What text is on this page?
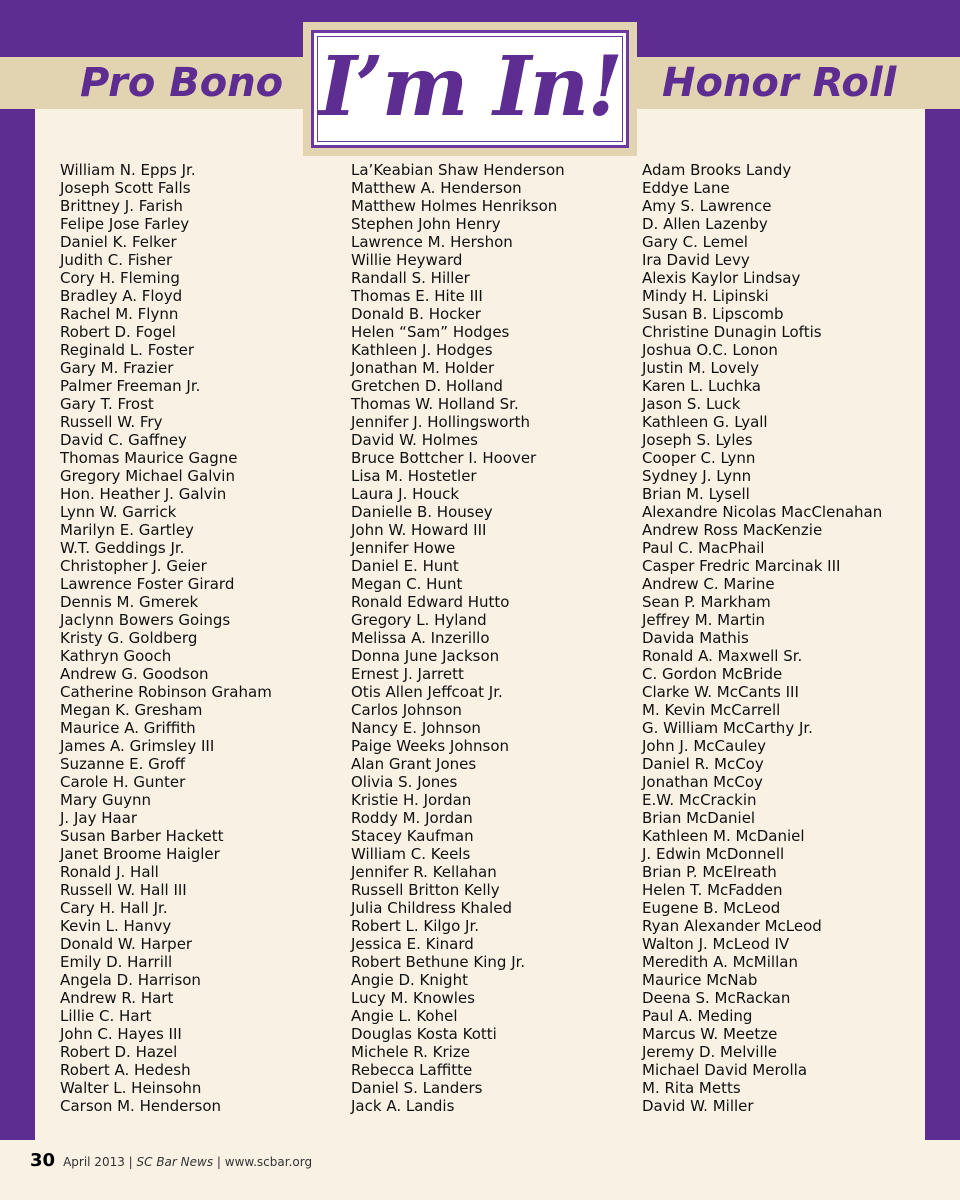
Pro Bono	Honor Roll
I’m In!
William N. Epps Jr.
Joseph Scott Falls
Brittney J. Farish
Felipe Jose Farley
Daniel K. Felker
Judith C. Fisher
Cory H. Fleming
Bradley A. Floyd
Rachel M. Flynn
Robert D. Fogel
Reginald L. Foster
Gary M. Frazier
Palmer Freeman Jr.
Gary T. Frost
Russell W. Fry
David C. Gaffney
Thomas Maurice Gagne
Gregory Michael Galvin
Hon. Heather J. Galvin
Lynn W. Garrick
Marilyn E. Gartley
W.T. Geddings Jr.
Christopher J. Geier
Lawrence Foster Girard
Dennis M. Gmerek
Jaclynn Bowers Goings
Kristy G. Goldberg
Kathryn Gooch
Andrew G. Goodson
Catherine Robinson Graham
Megan K. Gresham
Maurice A. Griffith
James A. Grimsley III
Suzanne E. Groff
Carole H. Gunter
Mary Guynn
J. Jay Haar
Susan Barber Hackett
Janet Broome Haigler
Ronald J. Hall
Russell W. Hall III
Cary H. Hall Jr.
Kevin L. Hanvy
Donald W. Harper
Emily D. Harrill
Angela D. Harrison
Andrew R. Hart
Lillie C. Hart
John C. Hayes III
Robert D. Hazel
Robert A. Hedesh
Walter L. Heinsohn
Carson M. Henderson
La’Keabian Shaw Henderson
Matthew A. Henderson
Matthew Holmes Henrikson
Stephen John Henry
Lawrence M. Hershon
Willie Heyward
Randall S. Hiller
Thomas E. Hite III
Donald B. Hocker
Helen “Sam” Hodges
Kathleen J. Hodges
Jonathan M. Holder
Gretchen D. Holland
Thomas W. Holland Sr.
Jennifer J. Hollingsworth
David W. Holmes
Bruce Bottcher I. Hoover
Lisa M. Hostetler
Laura J. Houck
Danielle B. Housey
John W. Howard III
Jennifer Howe
Daniel E. Hunt
Megan C. Hunt
Ronald Edward Hutto
Gregory L. Hyland
Melissa A. Inzerillo
Donna June Jackson
Ernest J. Jarrett
Otis Allen Jeffcoat Jr.
Carlos Johnson
Nancy E. Johnson
Paige Weeks Johnson
Alan Grant Jones
Olivia S. Jones
Kristie H. Jordan
Roddy M. Jordan
Stacey Kaufman
William C. Keels
Jennifer R. Kellahan
Russell Britton Kelly
Julia Childress Khaled
Robert L. Kilgo Jr.
Jessica E. Kinard
Robert Bethune King Jr.
Angie D. Knight
Lucy M. Knowles
Angie L. Kohel
Douglas Kosta Kotti
Michele R. Krize
Rebecca Laffitte
Daniel S. Landers
Jack A. Landis
Adam Brooks Landy
Eddye Lane
Amy S. Lawrence
D. Allen Lazenby
Gary C. Lemel
Ira David Levy
Alexis Kaylor Lindsay
Mindy H. Lipinski
Susan B. Lipscomb
Christine Dunagin Loftis
Joshua O.C. Lonon
Justin M. Lovely
Karen L. Luchka
Jason S. Luck
Kathleen G. Lyall
Joseph S. Lyles
Cooper C. Lynn
Sydney J. Lynn
Brian M. Lysell
Alexandre Nicolas MacClenahan
Andrew Ross MacKenzie
Paul C. MacPhail
Casper Fredric Marcinak III
Andrew C. Marine
Sean P. Markham
Jeffrey M. Martin
Davida Mathis
Ronald A. Maxwell Sr.
C. Gordon McBride
Clarke W. McCants III
M. Kevin McCarrell
G. William McCarthy Jr.
John J. McCauley
Daniel R. McCoy
Jonathan McCoy
E.W. McCrackin
Brian McDaniel
Kathleen M. McDaniel
J. Edwin McDonnell
Brian P. McElreath
Helen T. McFadden
Eugene B. McLeod
Ryan Alexander McLeod
Walton J. McLeod IV
Meredith A. McMillan
Maurice McNab
Deena S. McRackan
Paul A. Meding
Marcus W. Meetze
Jeremy D. Melville
Michael David Merolla
M. Rita Metts
David W. Miller
30 April 2013 | SC Bar News | www.scbar.org
